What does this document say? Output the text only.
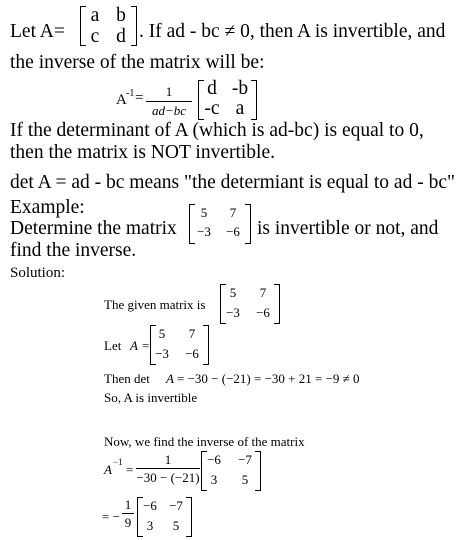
Let A=
a b
c d . If ad - bc ≠ 0, then A is invertible, and
the inverse of the matrix will be:
A -1 =	1
ad−bc
d -b
-c a
If the determinant of A (which is ad-bc) is equal to 0,
then the matrix is NOT invertible.
det A = ad - bc means "the determiant is equal to ad - bc"
Example:
Determine the matrix
5	7
−3	−6 is invertible or not, and
find the inverse.
Solution:
The given matrix is
5	7
−3	−6
Let A =
5	7
−3	−6
Then det A = −30 − (−21) = −30 + 21 = −9 ≠ 0
So, A is invertible
Now, we find the inverse of the matrix
A −1 =
1
−30 − (−21)
−6	−7
3	5
= −
1
9
−6 −7
3	5
